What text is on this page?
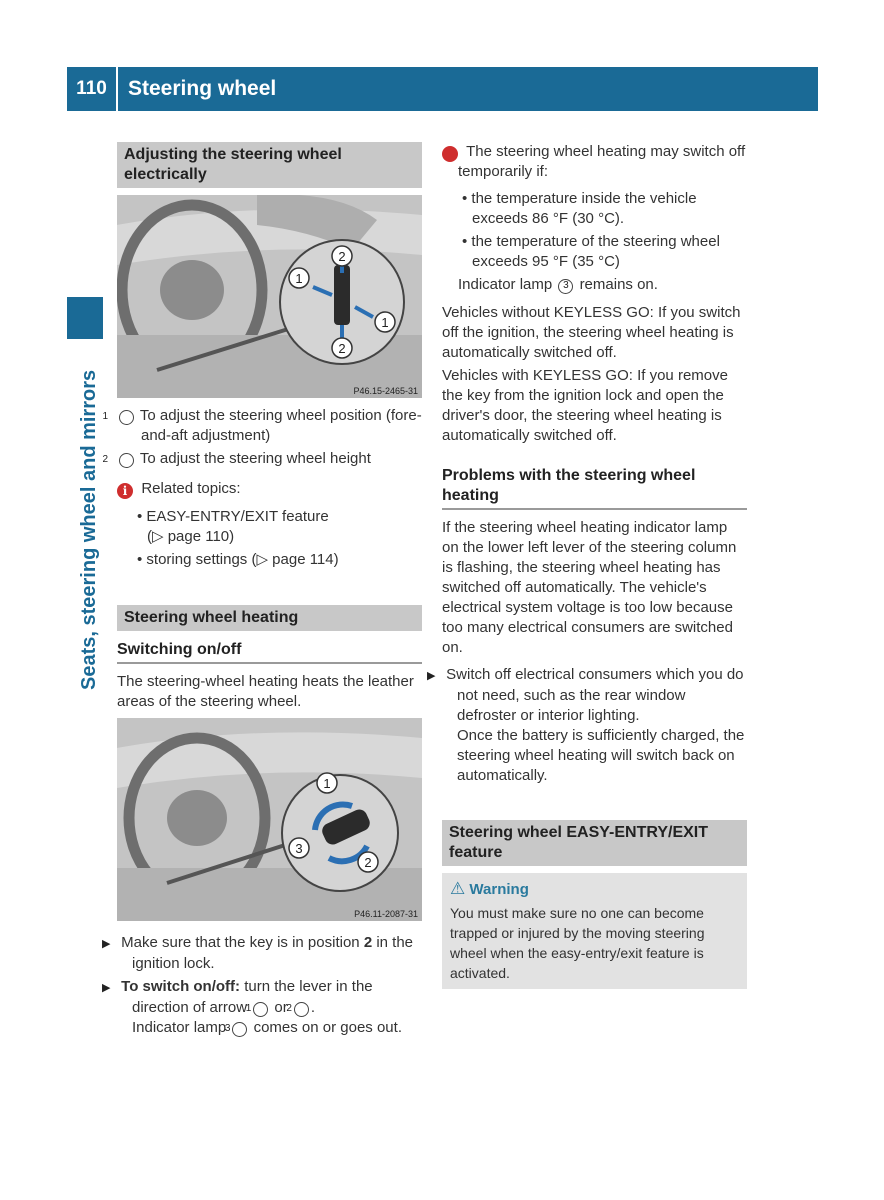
110	Steering wheel
Seats, steering wheel and mirrors
Adjusting the steering wheel electrically
2
2
1
1
P46.15-2465-31

1 To adjust the steering wheel position (fore-and-aft adjustment)

2 To adjust the steering wheel height

i Related topics:

• EASY-ENTRY/EXIT feature
(▷ page 110)

• storing settings (▷ page 114)

Steering wheel heating
Switching on/off

The steering-wheel heating heats the leather areas of the steering wheel.

1
3
2
P46.11-2087-31

▶ Make sure that the key is in position 2 in the ignition lock.

▶ To switch on/off: turn the lever in the direction of arrow 1 or 2 .
Indicator lamp 3 comes on or goes out.

i The steering wheel heating may switch off temporarily if:

• the temperature inside the vehicle exceeds 86 °F (30 °C).

• the temperature of the steering wheel exceeds 95 °F (35 °C)

Indicator lamp 3 remains on.

Vehicles without KEYLESS GO: If you switch off the ignition, the steering wheel heating is automatically switched off.

Vehicles with KEYLESS GO: If you remove the key from the ignition lock and open the driver's door, the steering wheel heating is automatically switched off.

Problems with the steering wheel heating

If the steering wheel heating indicator lamp on the lower left lever of the steering column is flashing, the steering wheel heating has switched off automatically. The vehicle's electrical system voltage is too low because too many electrical consumers are switched on.

▶ Switch off electrical consumers which you do not need, such as the rear window defroster or interior lighting.
Once the battery is sufficiently charged, the steering wheel heating will switch back on automatically.

Steering wheel EASY-ENTRY/EXIT feature
⚠ Warning
You must make sure no one can become trapped or injured by the moving steering wheel when the easy-entry/exit feature is activated.
